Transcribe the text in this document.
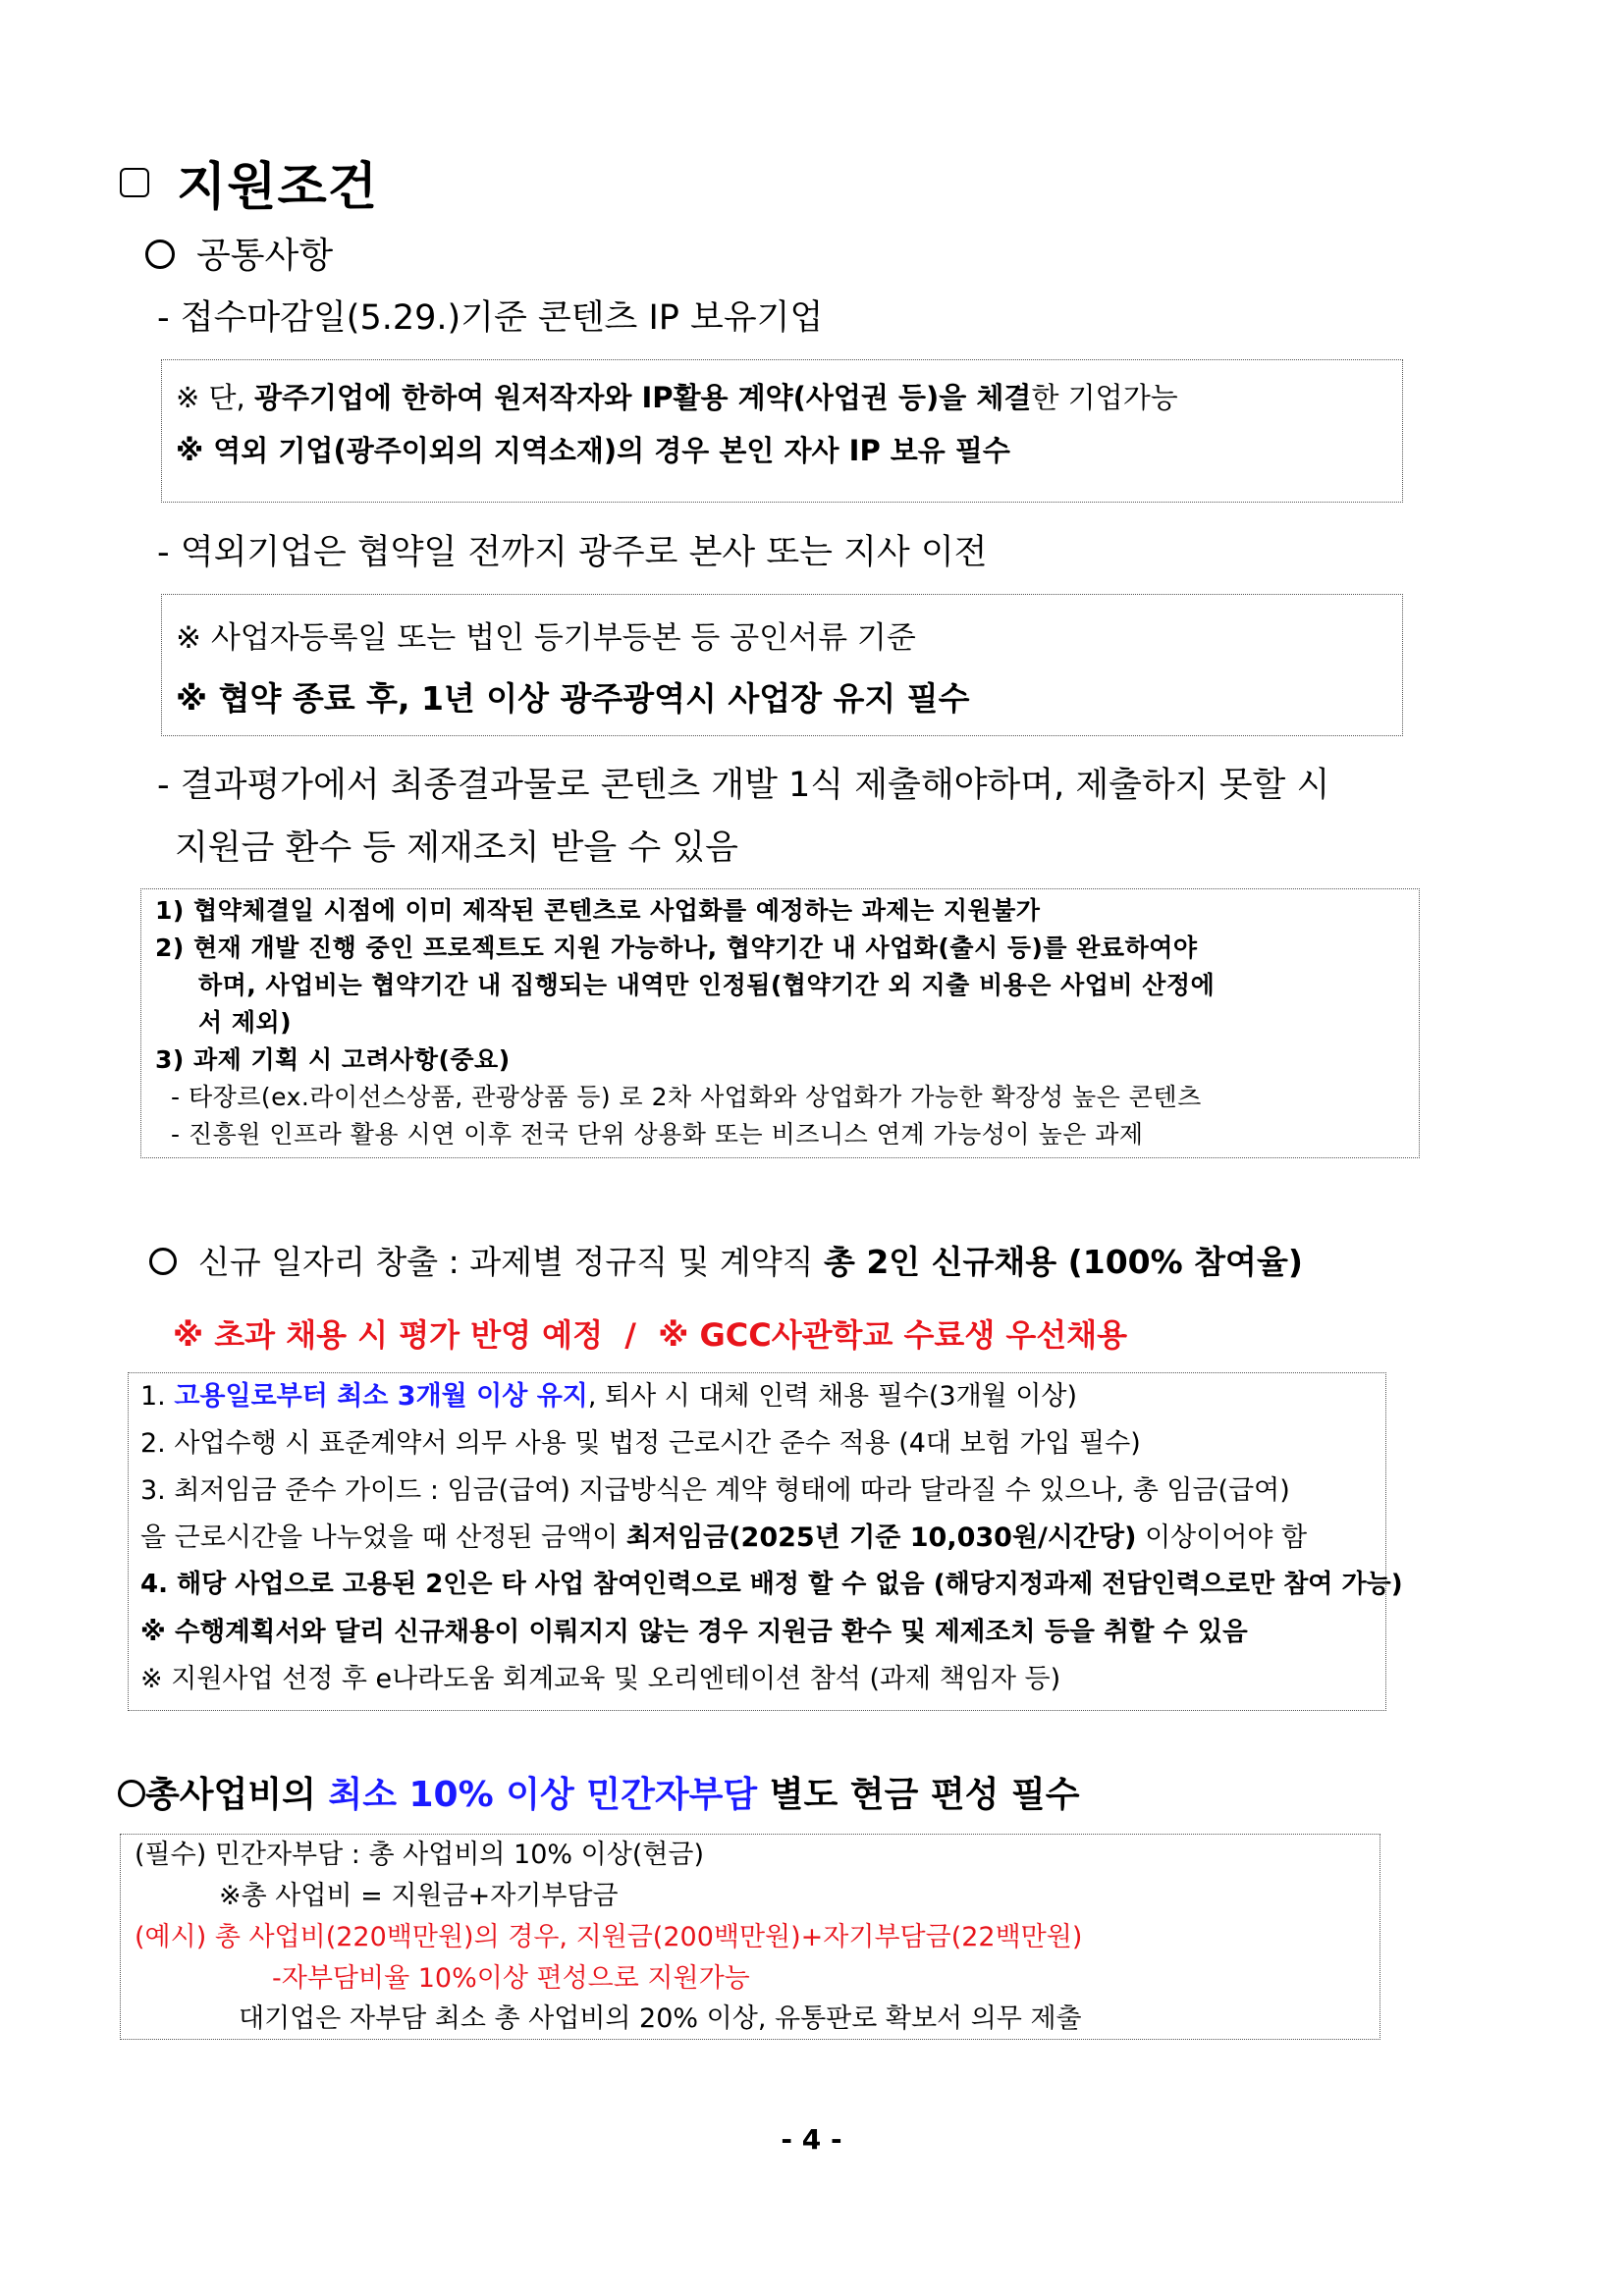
지원조건
공통사항
- 접수마감일(5.29.)기준 콘텐츠 IP 보유기업
※ 단, 광주기업에 한하여 원저작자와 IP활용 계약(사업권 등)을 체결한 기업가능
※ 역외 기업(광주이외의 지역소재)의 경우 본인 자사 IP 보유 필수
- 역외기업은 협약일 전까지 광주로 본사 또는 지사 이전
※ 사업자등록일 또는 법인 등기부등본 등 공인서류 기준
※ 협약 종료 후, 1년 이상 광주광역시 사업장 유지 필수
- 결과평가에서 최종결과물로 콘텐츠 개발 1식 제출해야하며, 제출하지 못할 시
지원금 환수 등 제재조치 받을 수 있음
1) 협약체결일 시점에 이미 제작된 콘텐츠로 사업화를 예정하는 과제는 지원불가
2) 현재 개발 진행 중인 프로젝트도 지원 가능하나, 협약기간 내 사업화(출시 등)를 완료하여야
하며, 사업비는 협약기간 내 집행되는 내역만 인정됨(협약기간 외 지출 비용은 사업비 산정에
서 제외)
3) 과제 기획 시 고려사항(중요)
- 타장르(ex.라이선스상품, 관광상품 등) 로 2차 사업화와 상업화가 가능한 확장성 높은 콘텐츠
- 진흥원 인프라 활용 시연 이후 전국 단위 상용화 또는 비즈니스 연계 가능성이 높은 과제
신규 일자리 창출 : 과제별 정규직 및 계약직 총 2인 신규채용 (100% 참여율)
※ 초과 채용 시 평가 반영 예정  /  ※ GCC사관학교 수료생 우선채용
1. 고용일로부터 최소 3개월 이상 유지, 퇴사 시 대체 인력 채용 필수(3개월 이상)
2. 사업수행 시 표준계약서 의무 사용 및 법정 근로시간 준수 적용 (4대 보험 가입 필수)
3. 최저임금 준수 가이드 : 임금(급여) 지급방식은 계약 형태에 따라 달라질 수 있으나, 총 임금(급여)
을 근로시간을 나누었을 때 산정된 금액이 최저임금(2025년 기준 10,030원/시간당) 이상이어야 함
4. 해당 사업으로 고용된 2인은 타 사업 참여인력으로 배정 할 수 없음 (해당지정과제 전담인력으로만 참여 가능)
※ 수행계획서와 달리 신규채용이 이뤄지지 않는 경우 지원금 환수 및 제제조치 등을 취할 수 있음
※ 지원사업 선정 후 e나라도움 회계교육 및 오리엔테이션 참석 (과제 책임자 등)
총사업비의 최소 10% 이상 민간자부담 별도 현금 편성 필수
(필수) 민간자부담 : 총 사업비의 10% 이상(현금)
※총 사업비 = 지원금+자기부담금
(예시) 총 사업비(220백만원)의 경우, 지원금(200백만원)+자기부담금(22백만원)
-자부담비율 10%이상 편성으로 지원가능
대기업은 자부담 최소 총 사업비의 20% 이상, 유통판로 확보서 의무 제출
- 4 -
